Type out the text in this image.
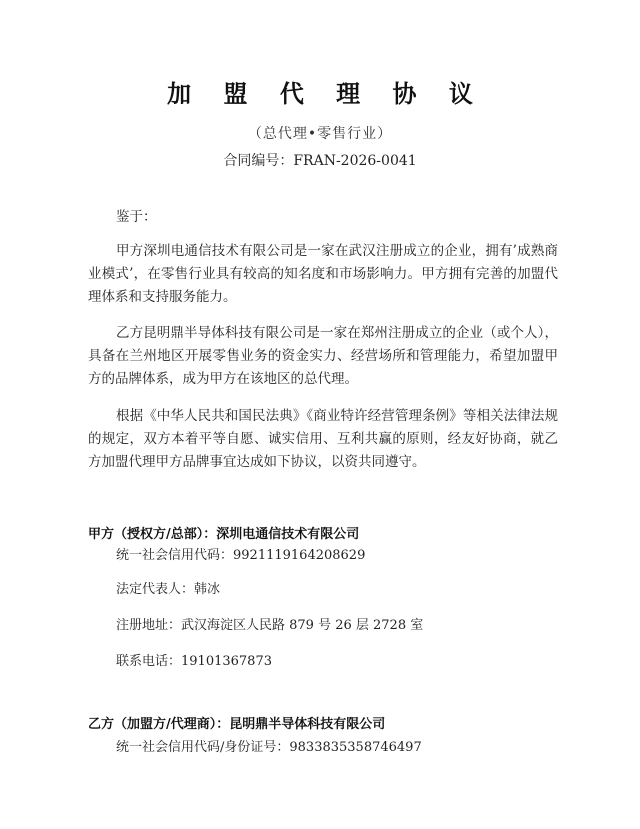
加 盟 代 理 协 议
（总代理•零售行业）
合同编号：FRAN-2026-0041

鉴于：

甲方深圳电通信技术有限公司是一家在武汉注册成立的企业，拥有’成熟商业模式’，在零售行业具有较高的知名度和市场影响力。甲方拥有完善的加盟代理体系和支持服务能力。

乙方昆明鼎半导体科技有限公司是一家在郑州注册成立的企业（或个人），具备在兰州地区开展零售业务的资金实力、经营场所和管理能力，希望加盟甲方的品牌体系，成为甲方在该地区的总代理。

根据《中华人民共和国民法典》《商业特许经营管理条例》等相关法律法规的规定，双方本着平等自愿、诚实信用、互利共赢的原则，经友好协商，就乙方加盟代理甲方品牌事宜达成如下协议，以资共同遵守。

甲方（授权方/总部）：深圳电通信技术有限公司
统一社会信用代码：9921119164208629
法定代表人：韩冰
注册地址：武汉海淀区人民路 879 号 26 层 2728 室
联系电话：19101367873
乙方（加盟方/代理商）：昆明鼎半导体科技有限公司
统一社会信用代码/身份证号：9833835358746497
